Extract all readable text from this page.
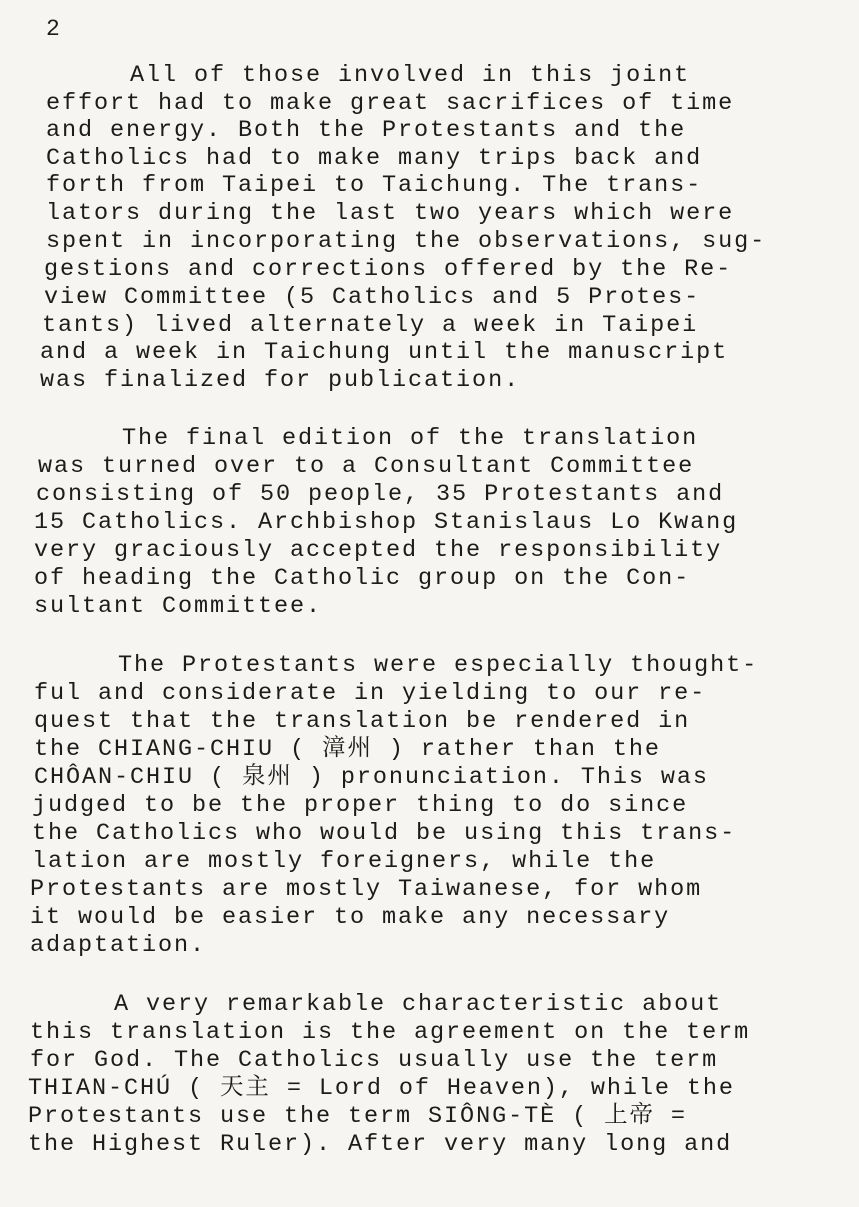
2
All of those involved in this joint
effort had to make great sacrifices of time
and energy. Both the Protestants and the
Catholics had to make many trips back and
forth from Taipei to Taichung. The trans-
lators during the last two years which were
spent in incorporating the observations, sug-
gestions and corrections offered by the Re-
view Committee (5 Catholics and 5 Protes-
tants) lived alternately a week in Taipei
and a week in Taichung until the manuscript
was finalized for publication.
The final edition of the translation
was turned over to a Consultant Committee
consisting of 50 people, 35 Protestants and
15 Catholics. Archbishop Stanislaus Lo Kwang
very graciously accepted the responsibility
of heading the Catholic group on the Con-
sultant Committee.
The Protestants were especially thought-
ful and considerate in yielding to our re-
quest that the translation be rendered in
the CHIANG-CHIU ( 漳州 ) rather than the
CHÔAN-CHIU ( 泉州 ) pronunciation. This was
judged to be the proper thing to do since
the Catholics who would be using this trans-
lation are mostly foreigners, while the
Protestants are mostly Taiwanese, for whom
it would be easier to make any necessary
adaptation.
A very remarkable characteristic about
this translation is the agreement on the term
for God. The Catholics usually use the term
THIAN-CHÚ ( 天主 = Lord of Heaven), while the
Protestants use the term SIÔNG-TÈ ( 上帝 =
the Highest Ruler). After very many long and
